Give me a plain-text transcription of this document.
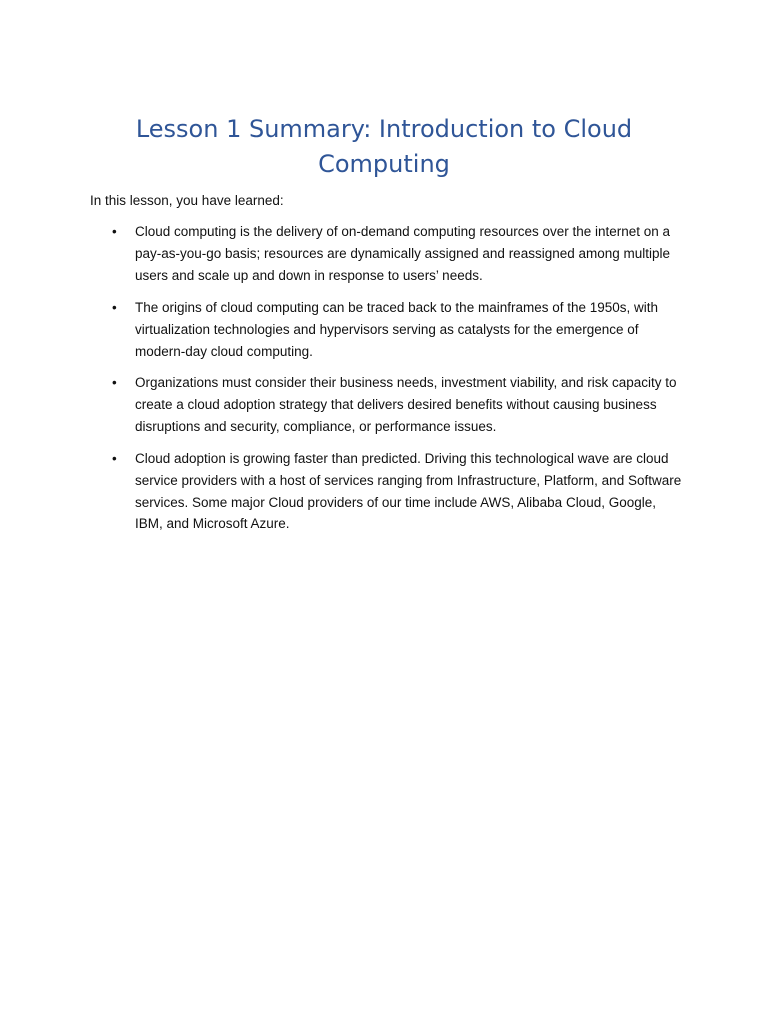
Lesson 1 Summary: Introduction to Cloud Computing

In this lesson, you have learned:

• Cloud computing is the delivery of on-demand computing resources over the internet on a pay-as-you-go basis; resources are dynamically assigned and reassigned among multiple users and scale up and down in response to users’ needs.

• The origins of cloud computing can be traced back to the mainframes of the 1950s, with virtualization technologies and hypervisors serving as catalysts for the emergence of modern-day cloud computing.

• Organizations must consider their business needs, investment viability, and risk capacity to create a cloud adoption strategy that delivers desired benefits without causing business disruptions and security, compliance, or performance issues.

• Cloud adoption is growing faster than predicted. Driving this technological wave are cloud service providers with a host of services ranging from Infrastructure, Platform, and Software services. Some major Cloud providers of our time include AWS, Alibaba Cloud, Google, IBM, and Microsoft Azure.
